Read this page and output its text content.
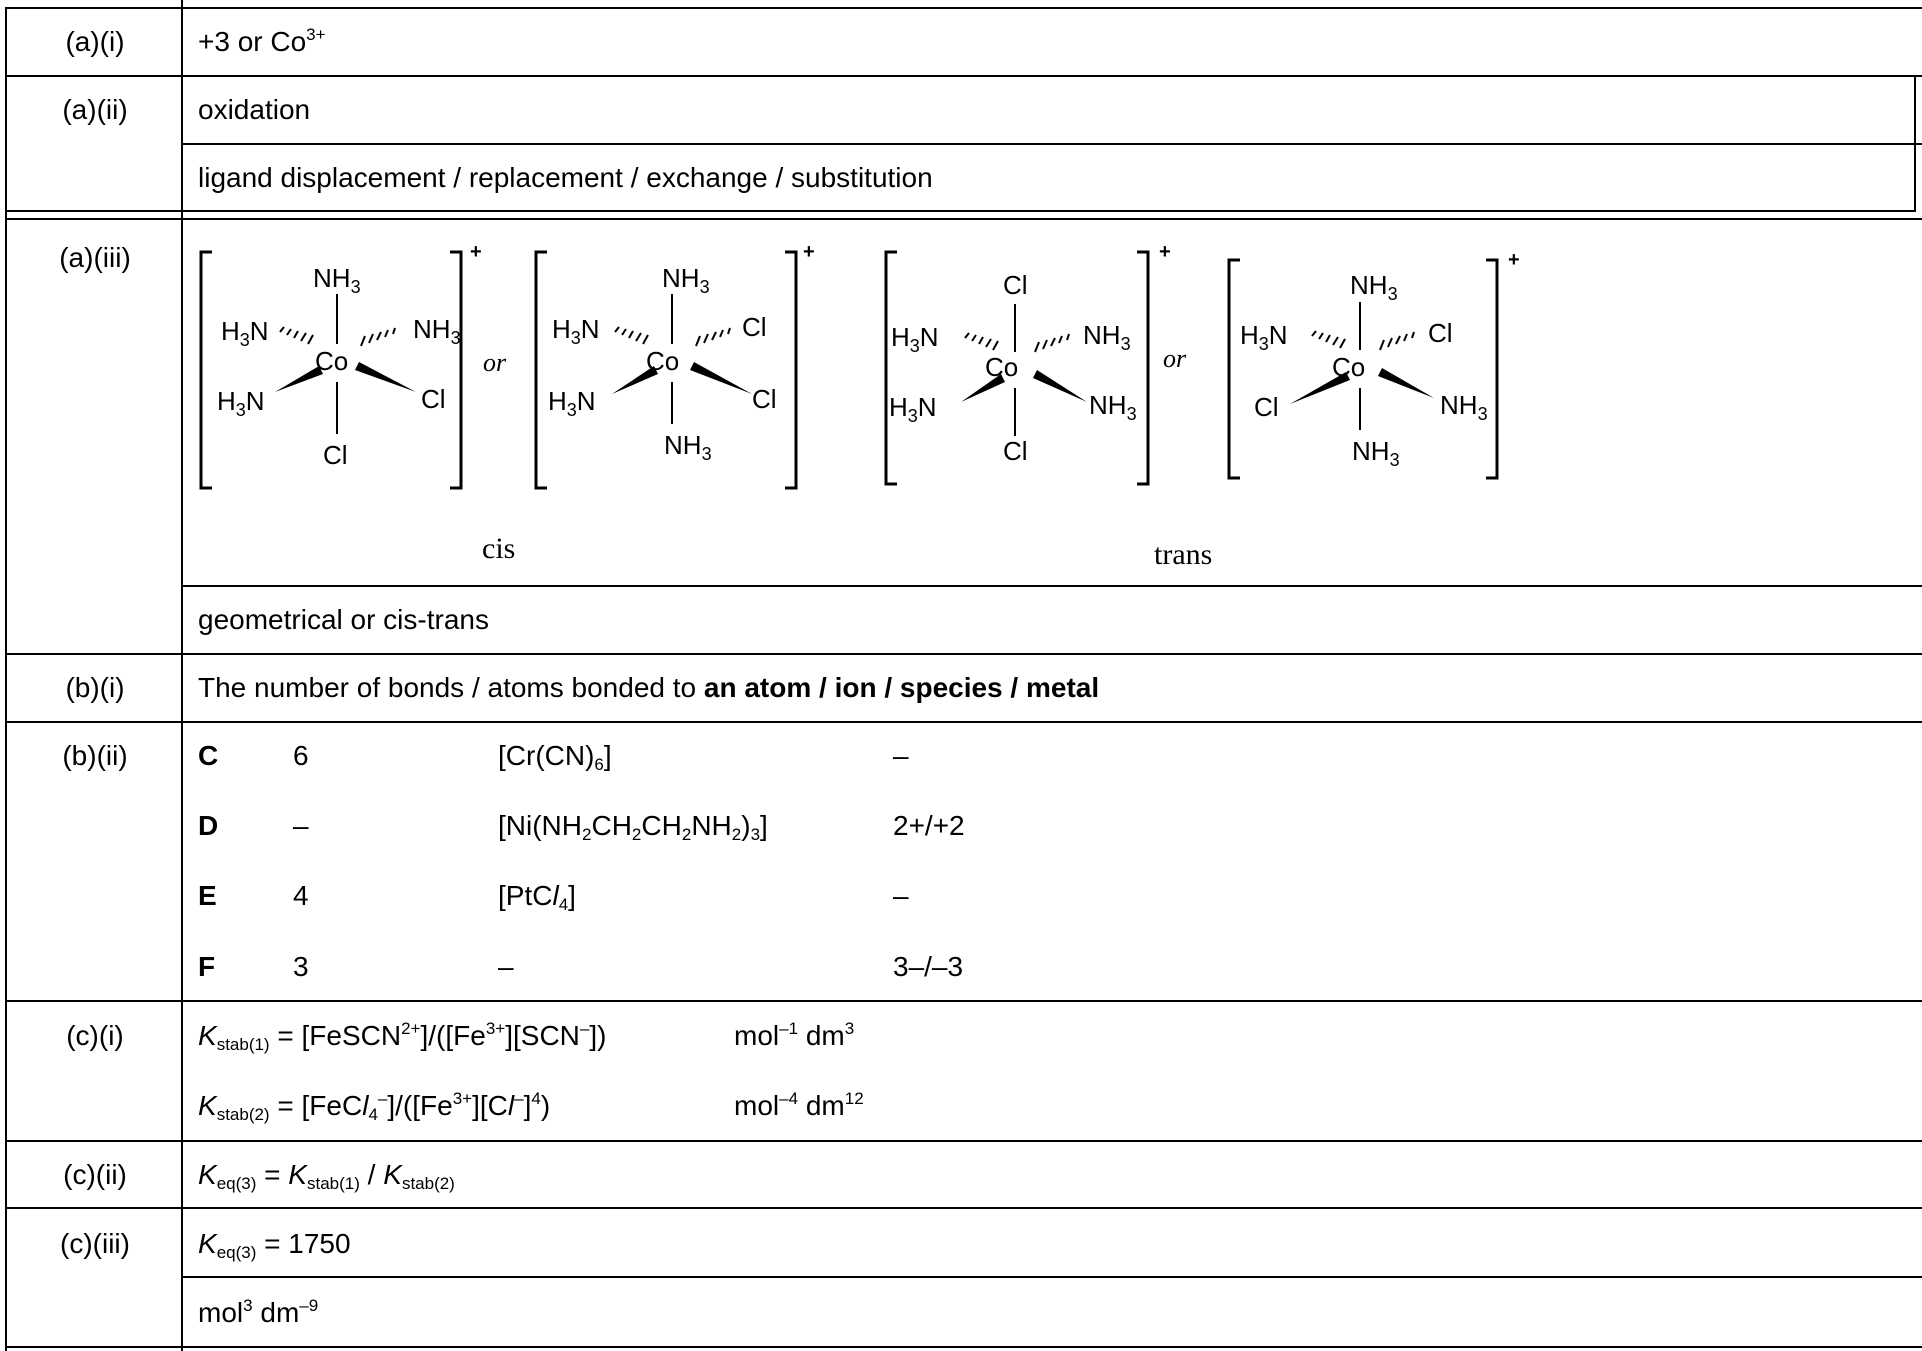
(a)(i)	+3 or $Co^{3+}$
(a)(ii)	oxidation
ligand displacement / replacement / exchange / substitution
(a)(iii)	+
Co
$NH_3$
$H_3N$	$NH_3$
$H_3N$	Cl
Cl
or
+
Co
$NH_3$
$H_3N$	Cl
$H_3N$	Cl
$NH_3$
+
Co
Cl
$H_3N$	$NH_3$
$H_3N$	$NH_3$
Cl
or
+
Co
$NH_3$
$H_3N$	Cl
Cl	$NH_3$
$NH_3$
cis	trans
geometrical or cis-trans
(b)(i)	The number of bonds / atoms bonded to an atom / ion / species / metal
(b)(ii)	C	6	$[Cr(CN)_6]$	–
D	–	$[Ni(NH_2CH_2CH_2NH_2)_3]$	2+/+2
E	4	[PtCl$_4$]	–
F	3	–	3–/–3
(c)(i)	$K_{stab(1)}$ = $[FeSCN^{2+}]/([Fe^{3+}][SCN^-])$	mol$^{-1}$ $dm^3$
$K_{stab(2)}$ = $[FeCl_4^-]/([Fe^{3+}][Cl^-]^4)$	mol$^{-4}$ $dm^{12}$
(c)(ii)	$K_{eq(3)} = K_{stab(1)} / K_{stab(2)}$
(c)(iii)	$K_{eq(3)} = 1750$
mol$^3$ $dm^{-9}$
